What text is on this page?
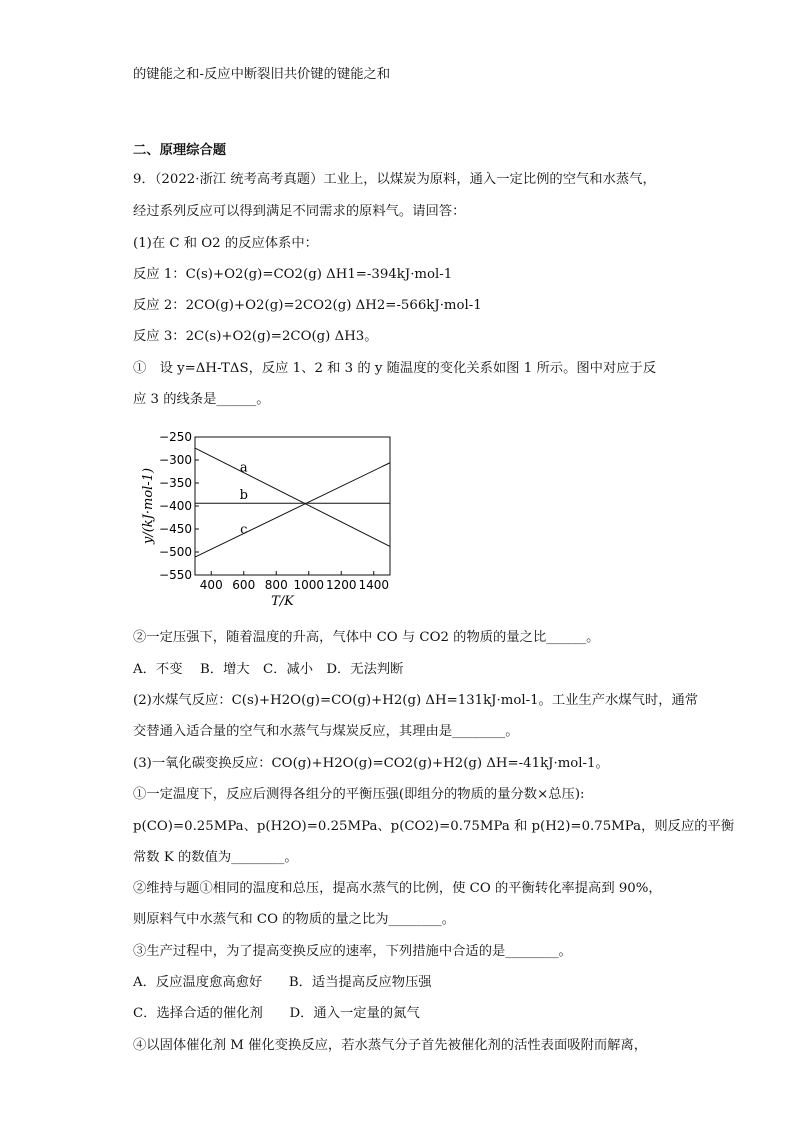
的键能之和-反应中断裂旧共价键的键能之和
二、原理综合题
9．（2022·浙江 统考高考真题）工业上，以煤炭为原料，通入一定比例的空气和水蒸气，
经过系列反应可以得到满足不同需求的原料气。请回答：
(1)在 C 和 O2 的反应体系中：
反应 1：C(s)+O2(g)=CO2(g) ΔH1=-394kJ·mol-1
反应 2：2CO(g)+O2(g)=2CO2(g) ΔH2=-566kJ·mol-1
反应 3：2C(s)+O2(g)=2CO(g) ΔH3。
①　设 y=ΔH-TΔS，反应 1、2 和 3 的 y 随温度的变化关系如图 1 所示。图中对应于反
应 3 的线条是______。
−250
−300
−350
−400
−450
−500
−550
400 600 800 1000 1200 1400
a
b
c
y/(kJ·mol-1)
T/K
②一定压强下，随着温度的升高，气体中 CO 与 CO2 的物质的量之比______。
A．不变　 B．增大　C．减小　D．无法判断
(2)水煤气反应：C(s)+H2O(g)=CO(g)+H2(g) ΔH=131kJ·mol-1。工业生产水煤气时，通常
交替通入适合量的空气和水蒸气与煤炭反应，其理由是________。
(3)一氧化碳变换反应：CO(g)+H2O(g)=CO2(g)+H2(g) ΔH=-41kJ·mol-1。
①一定温度下，反应后测得各组分的平衡压强(即组分的物质的量分数×总压):
p(CO)=0.25MPa、p(H2O)=0.25MPa、p(CO2)=0.75MPa 和 p(H2)=0.75MPa，则反应的平衡
常数 K 的数值为________。
②维持与题①相同的温度和总压，提高水蒸气的比例，使 CO 的平衡转化率提高到 90%，
则原料气中水蒸气和 CO 的物质的量之比为________。
③生产过程中，为了提高变换反应的速率，下列措施中合适的是________。
A．反应温度愈高愈好　　B．适当提高反应物压强
C．选择合适的催化剂　　D．通入一定量的氮气
④以固体催化剂 M 催化变换反应，若水蒸气分子首先被催化剂的活性表面吸附而解离，
